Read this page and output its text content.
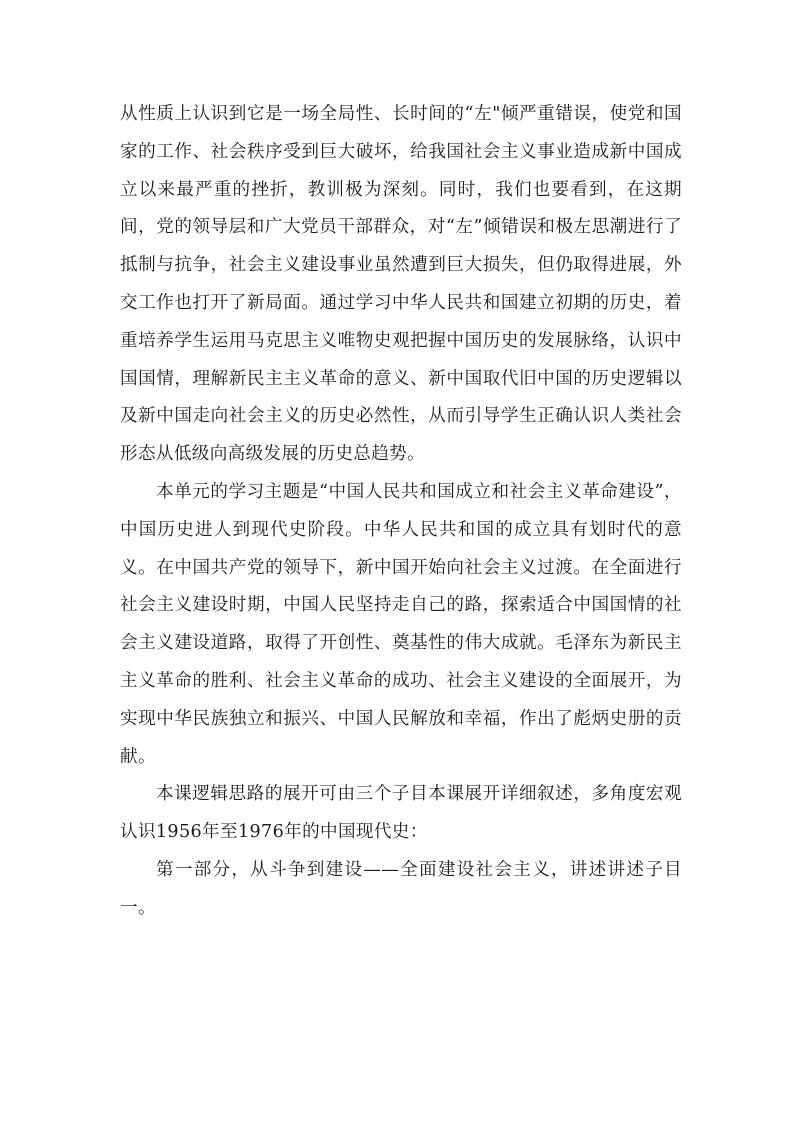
从性质上认识到它是一场全局性、长时间的“左"倾严重错误，使党和国家的工作、社会秩序受到巨大破坏，给我国社会主义事业造成新中国成立以来最严重的挫折，教训极为深刻。同时，我们也要看到，在这期间，党的领导层和广大党员干部群众，对“左”倾错误和极左思潮进行了抵制与抗争，社会主义建设事业虽然遭到巨大损失，但仍取得进展，外交工作也打开了新局面。通过学习中华人民共和国建立初期的历史，着重培养学生运用马克思主义唯物史观把握中国历史的发展脉络，认识中国国情，理解新民主主义革命的意义、新中国取代旧中国的历史逻辑以及新中国走向社会主义的历史必然性，从而引导学生正确认识人类社会形态从低级向高级发展的历史总趋势。

本单元的学习主题是“中国人民共和国成立和社会主义革命建设”，中国历史进人到现代史阶段。中华人民共和国的成立具有划时代的意义。在中国共产党的领导下，新中国开始向社会主义过渡。在全面进行社会主义建设时期，中国人民坚持走自己的路，探索适合中国国情的社会主义建设道路，取得了开创性、奠基性的伟大成就。毛泽东为新民主主义革命的胜利、社会主义革命的成功、社会主义建设的全面展开，为实现中华民族独立和振兴、中国人民解放和幸福，作出了彪炳史册的贡献。

本课逻辑思路的展开可由三个子目本课展开详细叙述，多角度宏观认识1956年至1976年的中国现代史：

第一部分，从斗争到建设——全面建设社会主义，讲述讲述子目一。
